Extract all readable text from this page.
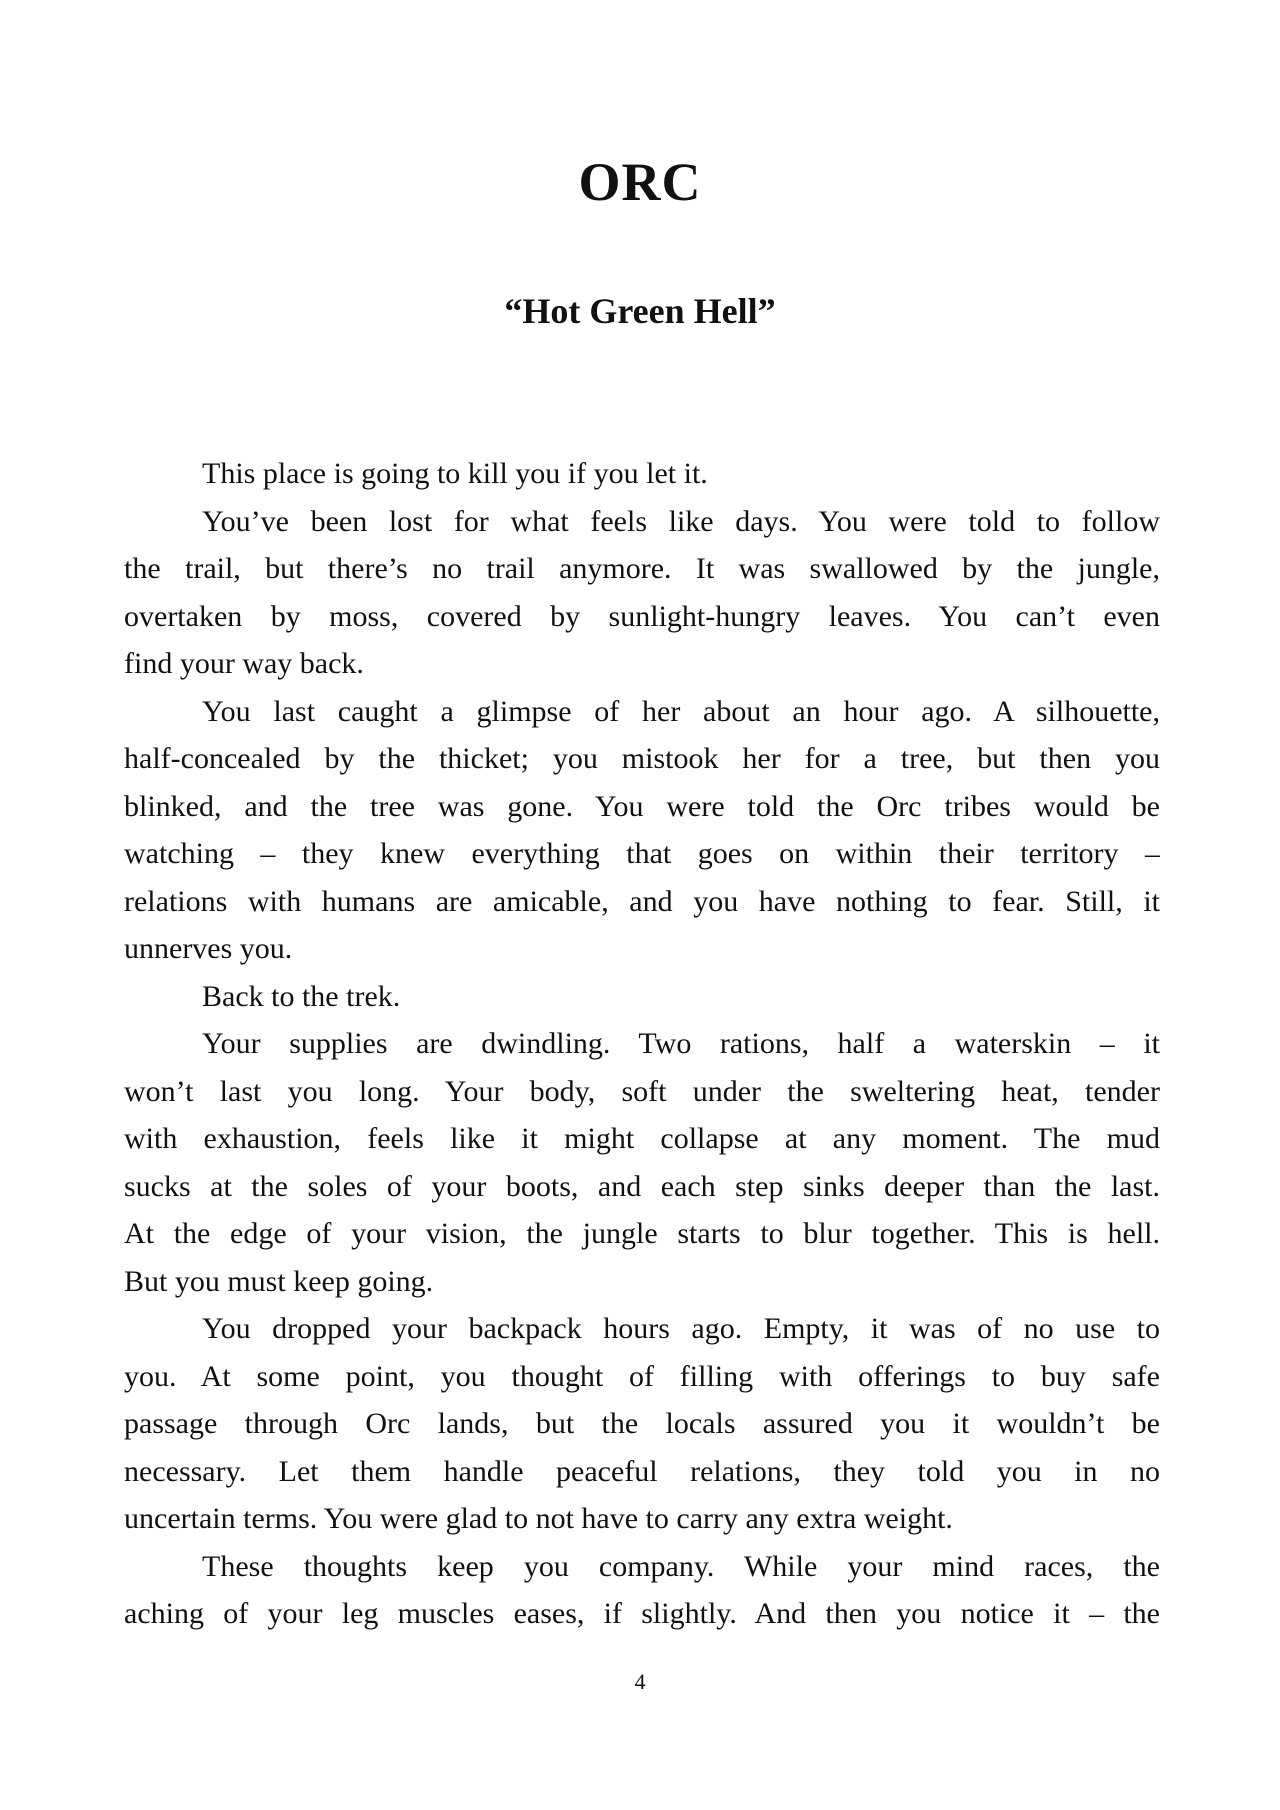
ORC
“Hot Green Hell”
This place is going to kill you if you let it.
You’ve been lost for what feels like days. You were told to follow
the trail, but there’s no trail anymore. It was swallowed by the jungle,
overtaken by moss, covered by sunlight-hungry leaves. You can’t even
find your way back.
You last caught a glimpse of her about an hour ago. A silhouette,
half-concealed by the thicket; you mistook her for a tree, but then you
blinked, and the tree was gone. You were told the Orc tribes would be
watching – they knew everything that goes on within their territory –
relations with humans are amicable, and you have nothing to fear. Still, it
unnerves you.
Back to the trek.
Your supplies are dwindling. Two rations, half a waterskin – it
won’t last you long. Your body, soft under the sweltering heat, tender
with exhaustion, feels like it might collapse at any moment. The mud
sucks at the soles of your boots, and each step sinks deeper than the last.
At the edge of your vision, the jungle starts to blur together. This is hell.
But you must keep going.
You dropped your backpack hours ago. Empty, it was of no use to
you. At some point, you thought of filling with offerings to buy safe
passage through Orc lands, but the locals assured you it wouldn’t be
necessary. Let them handle peaceful relations, they told you in no
uncertain terms. You were glad to not have to carry any extra weight.
These thoughts keep you company. While your mind races, the
aching of your leg muscles eases, if slightly. And then you notice it – the
4
